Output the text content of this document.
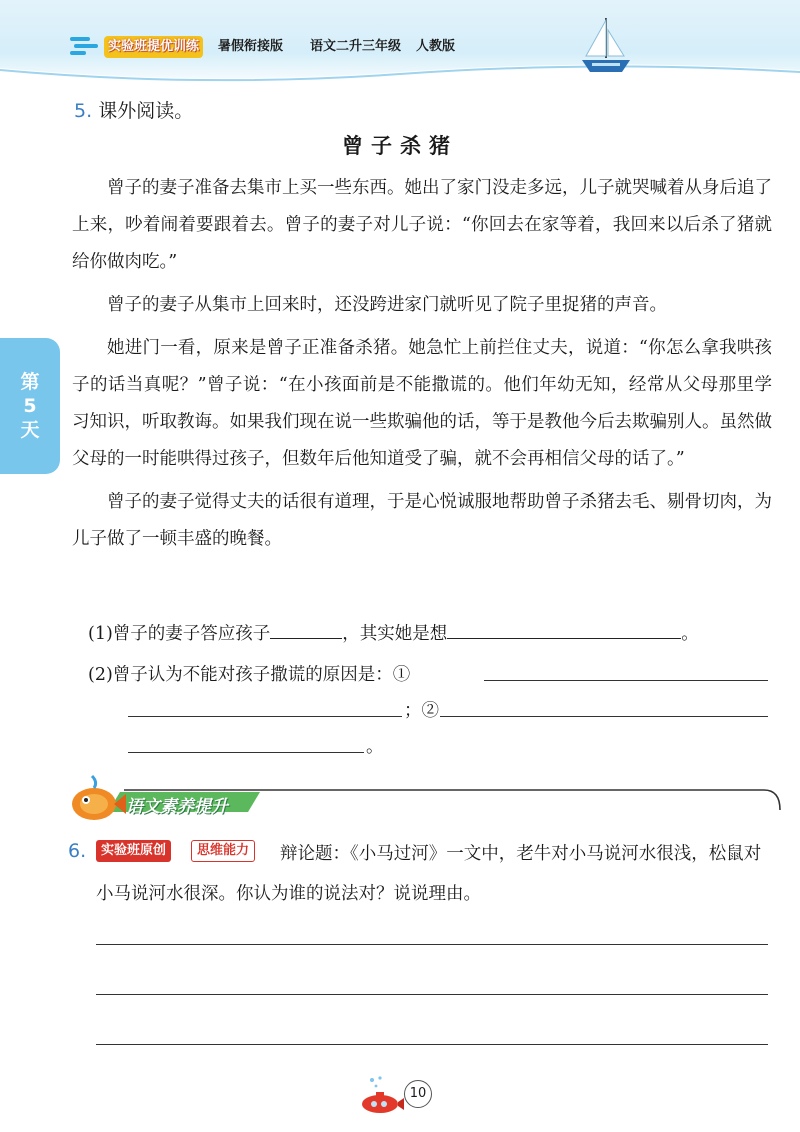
实验班提优训练	暑假衔接版 语文二升三年级 人教版
第
5
天
5. 课外阅读。
曾子杀猪

曾子的妻子准备去集市上买一些东西。她出了家门没走多远，儿子就哭喊着从身后追了上来，吵着闹着要跟着去。曾子的妻子对儿子说：“你回去在家等着，我回来以后杀了猪就给你做肉吃。”

曾子的妻子从集市上回来时，还没跨进家门就听见了院子里捉猪的声音。

她进门一看，原来是曾子正准备杀猪。她急忙上前拦住丈夫，说道：“你怎么拿我哄孩子的话当真呢？”曾子说：“在小孩面前是不能撒谎的。他们年幼无知，经常从父母那里学习知识，听取教诲。如果我们现在说一些欺骗他的话，等于是教他今后去欺骗别人。虽然做父母的一时能哄得过孩子，但数年后他知道受了骗，就不会再相信父母的话了。”

曾子的妻子觉得丈夫的话很有道理，于是心悦诚服地帮助曾子杀猪去毛、剔骨切肉，为儿子做了一顿丰盛的晚餐。

(1)曾子的妻子答应孩子	，其实她是想	。
(2)曾子认为不能对孩子撒谎的原因是：①
；②
。
语文素养提升
6.	实验班原创	思维能力	辩论题：《小马过河》一文中，老牛对小马说河水很浅，松鼠对小马说河水很深。你认为谁的说法对？说说理由。
10
